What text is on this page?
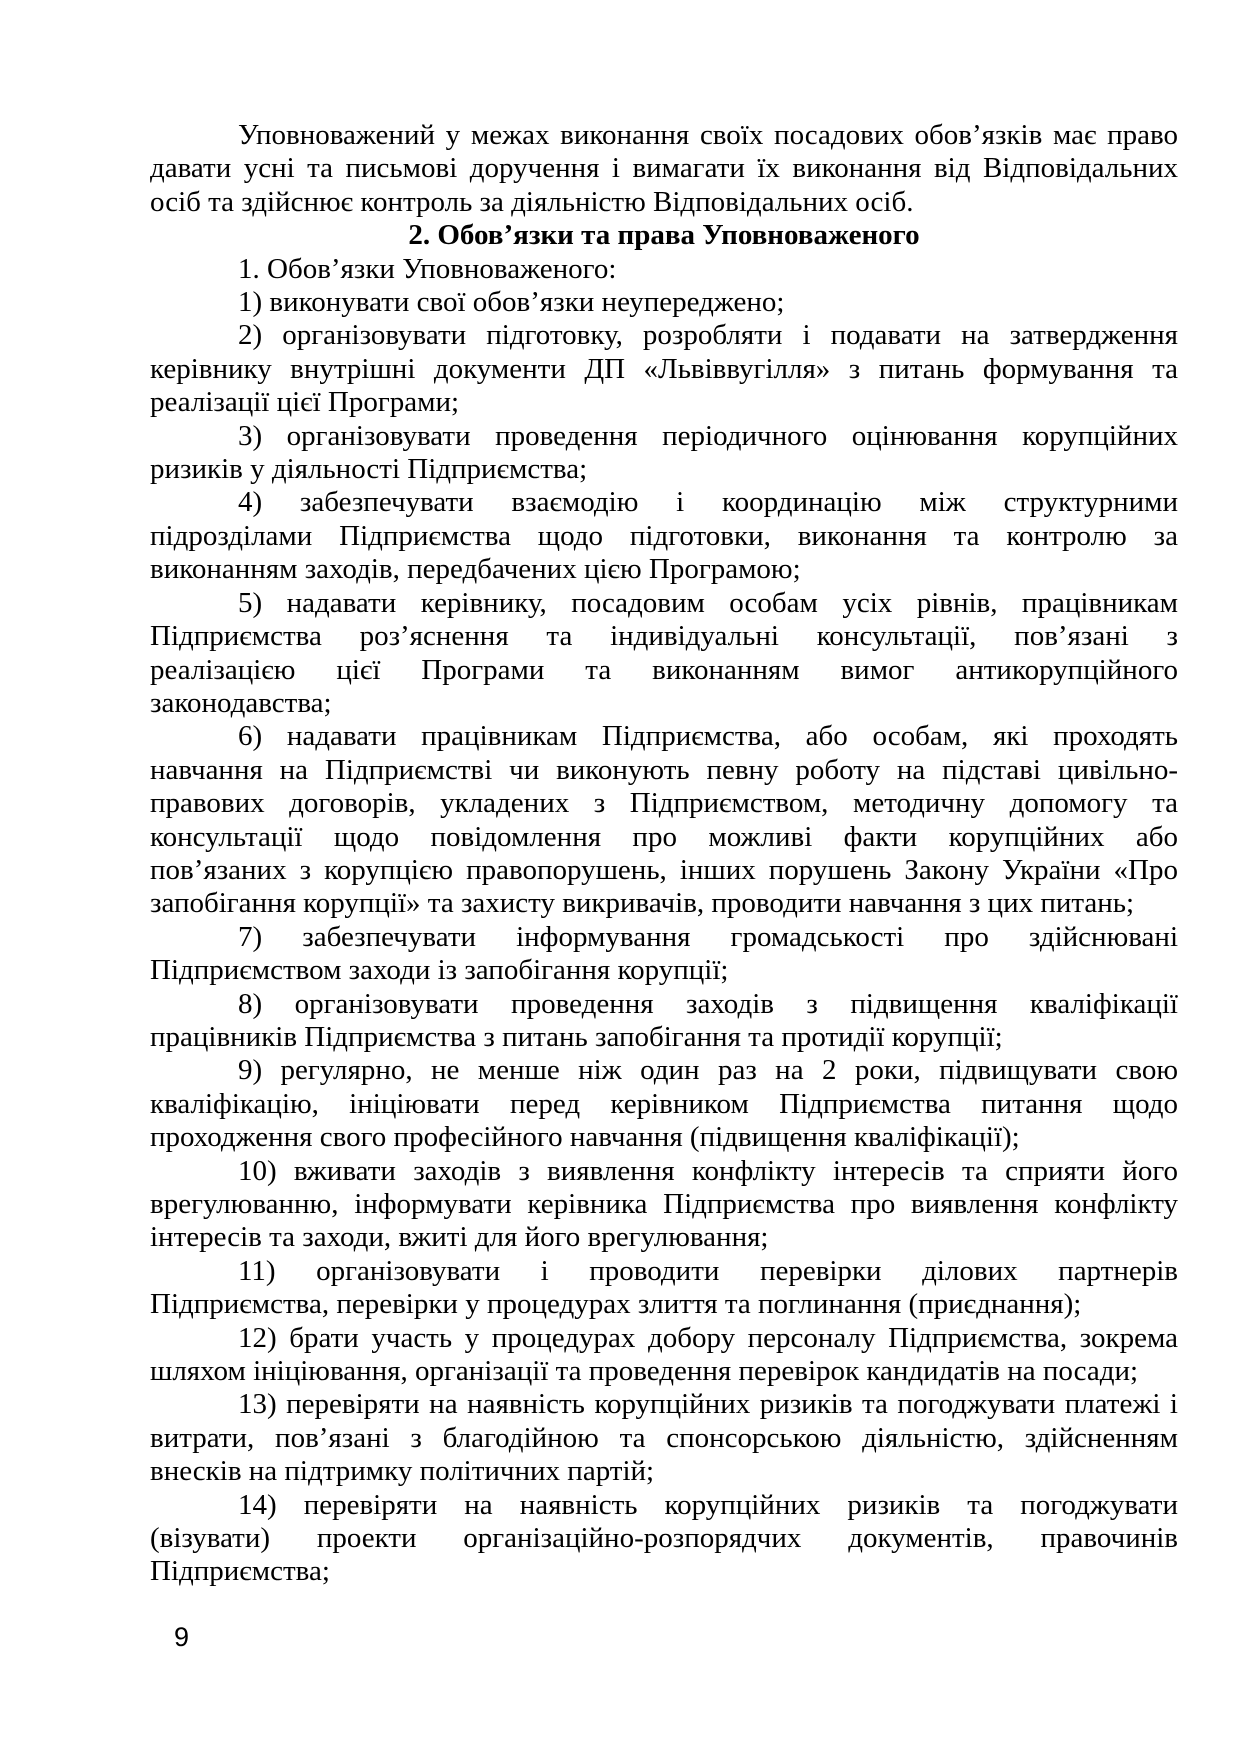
Уповноважений у межах виконання своїх посадових обов’язків має право
давати усні та письмові доручення і вимагати їх виконання від Відповідальних
осіб та здійснює контроль за діяльністю Відповідальних осіб.
2. Обов’язки та права Уповноваженого
1. Обов’язки Уповноваженого:
1) виконувати свої обов’язки неупереджено;
2) організовувати підготовку, розробляти і подавати на затвердження
керівнику внутрішні документи ДП «Львіввугілля» з питань формування та
реалізації цієї Програми;
3) організовувати проведення періодичного оцінювання корупційних
ризиків у діяльності Підприємства;
4) забезпечувати взаємодію і координацію між структурними
підрозділами Підприємства щодо підготовки, виконання та контролю за
виконанням заходів, передбачених цією Програмою;
5) надавати керівнику, посадовим особам усіх рівнів, працівникам
Підприємства роз’яснення та індивідуальні консультації, пов’язані з
реалізацією цієї Програми та виконанням вимог антикорупційного
законодавства;
6) надавати працівникам Підприємства, або особам, які проходять
навчання на Підприємстві чи виконують певну роботу на підставі цивільно-
правових договорів, укладених з Підприємством, методичну допомогу та
консультації щодо повідомлення про можливі факти корупційних або
пов’язаних з корупцією правопорушень, інших порушень Закону України «Про
запобігання корупції» та захисту викривачів, проводити навчання з цих питань;
7) забезпечувати інформування громадськості про здійснювані
Підприємством заходи із запобігання корупції;
8) організовувати проведення заходів з підвищення кваліфікації
працівників Підприємства з питань запобігання та протидії корупції;
9) регулярно, не менше ніж один раз на 2 роки, підвищувати свою
кваліфікацію, ініціювати перед керівником Підприємства питання щодо
проходження свого професійного навчання (підвищення кваліфікації);
10) вживати заходів з виявлення конфлікту інтересів та сприяти його
врегулюванню, інформувати керівника Підприємства про виявлення конфлікту
інтересів та заходи, вжиті для його врегулювання;
11) організовувати і проводити перевірки ділових партнерів
Підприємства, перевірки у процедурах злиття та поглинання (приєднання);
12) брати участь у процедурах добору персоналу Підприємства, зокрема
шляхом ініціювання, організації та проведення перевірок кандидатів на посади;
13) перевіряти на наявність корупційних ризиків та погоджувати платежі і
витрати, пов’язані з благодійною та спонсорською діяльністю, здійсненням
внесків на підтримку політичних партій;
14) перевіряти на наявність корупційних ризиків та погоджувати
(візувати) проекти організаційно-розпорядчих документів, правочинів
Підприємства;
9
